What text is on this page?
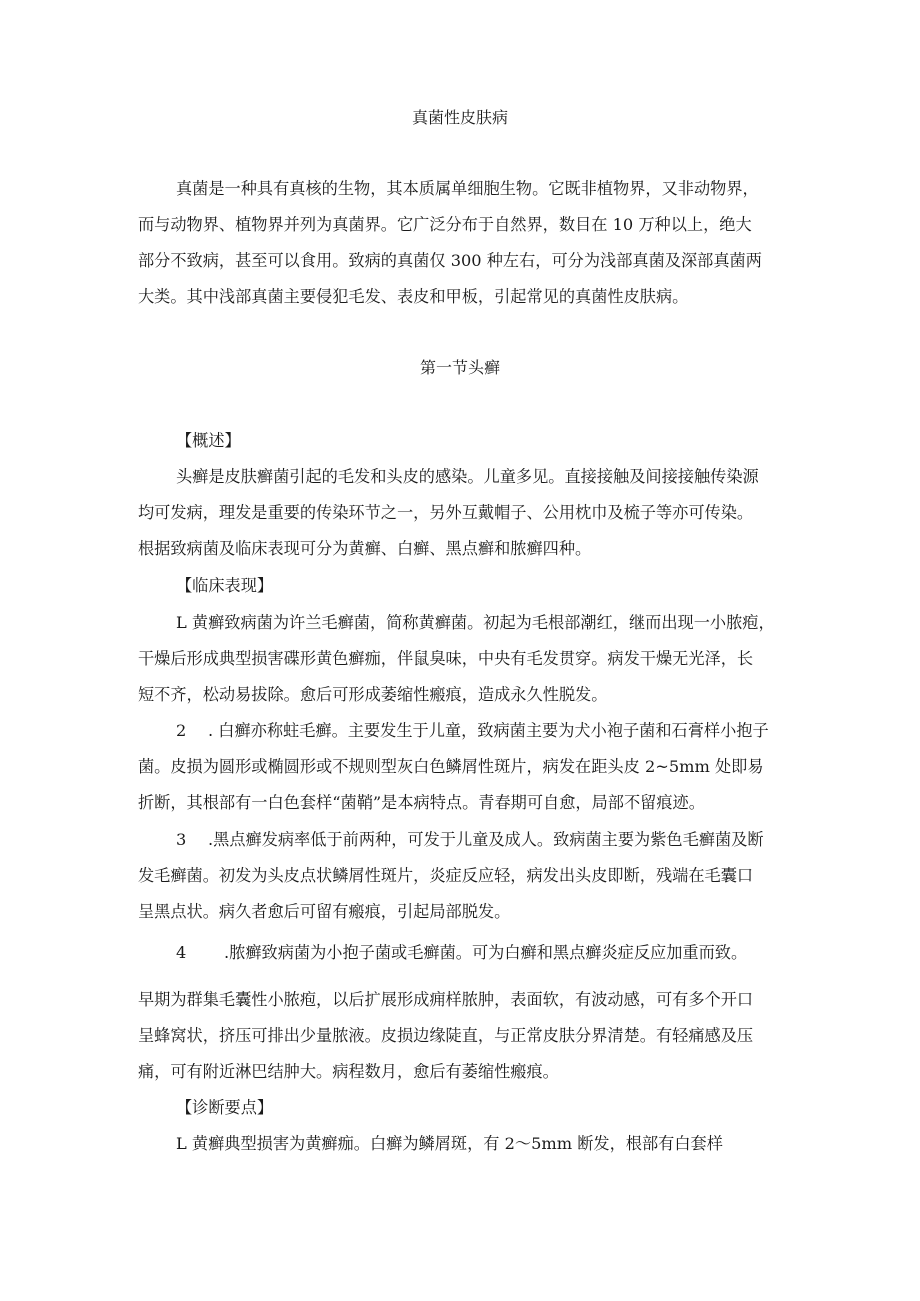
真菌性皮肤病
真菌是一种具有真核的生物，其本质属单细胞生物。它既非植物界，又非动物界，
而与动物界、植物界并列为真菌界。它广泛分布于自然界，数目在 10 万种以上，绝大
部分不致病，甚至可以食用。致病的真菌仅 300 种左右，可分为浅部真菌及深部真菌两
大类。其中浅部真菌主要侵犯毛发、表皮和甲板，引起常见的真菌性皮肤病。
第一节头癣
【概述】
头癣是皮肤癣菌引起的毛发和头皮的感染。儿童多见。直接接触及间接接触传染源
均可发病，理发是重要的传染环节之一，另外互戴帽子、公用枕巾及梳子等亦可传染。
根据致病菌及临床表现可分为黄癣、白癣、黑点癣和脓癣四种。
【临床表现】
L 黄癣致病菌为许兰毛癣菌，简称黄癣菌。初起为毛根部潮红，继而出现一小脓疱，
干燥后形成典型损害碟形黄色癣痂，伴鼠臭味，中央有毛发贯穿。病发干燥无光泽，长
短不齐，松动易拔除。愈后可形成萎缩性瘢痕，造成永久性脱发。
2 . 白癣亦称蛀毛癣。主要发生于儿童，致病菌主要为犬小袍子菌和石膏样小抱子
菌。皮损为圆形或椭圆形或不规则型灰白色鳞屑性斑片，病发在距头皮 2~5mm 处即易
折断，其根部有一白色套样“菌鞘”是本病特点。青春期可自愈，局部不留痕迹。
3 .黑点癣发病率低于前两种，可发于儿童及成人。致病菌主要为紫色毛癣菌及断
发毛癣菌。初发为头皮点状鳞屑性斑片，炎症反应轻，病发出头皮即断，残端在毛囊口
呈黑点状。病久者愈后可留有瘢痕，引起局部脱发。
4 .脓癣致病菌为小抱子菌或毛癣菌。可为白癣和黑点癣炎症反应加重而致。
早期为群集毛囊性小脓疱，以后扩展形成痈样脓肿，表面软，有波动感，可有多个开口
呈蜂窝状，挤压可排出少量脓液。皮损边缘陡直，与正常皮肤分界清楚。有轻痛感及压
痛，可有附近淋巴结肿大。病程数月，愈后有萎缩性瘢痕。
【诊断要点】
L 黄癣典型损害为黄癣痂。白癣为鳞屑斑，有 2～5mm 断发，根部有白套样
